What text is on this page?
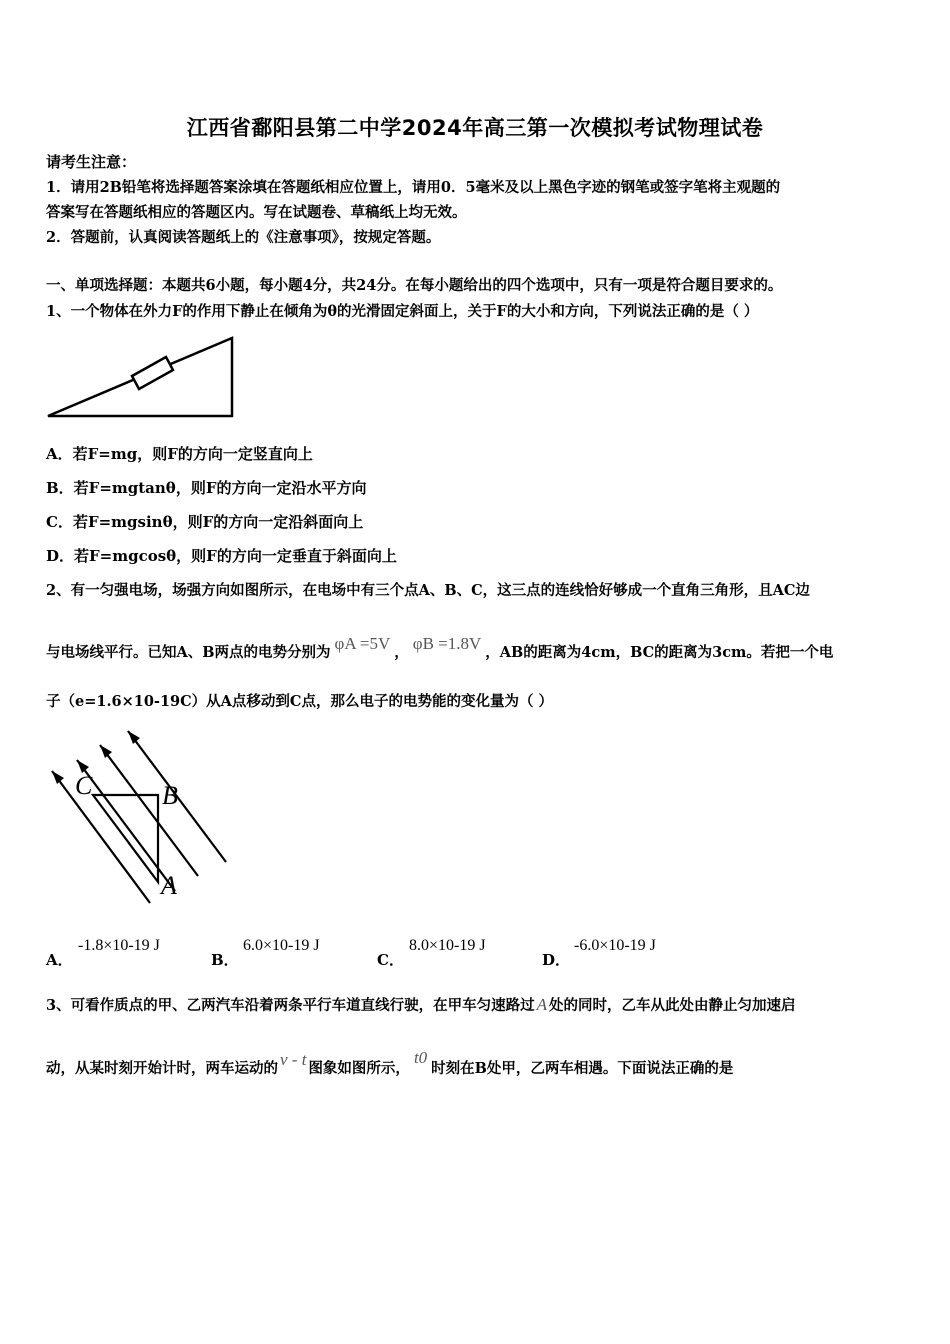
江西省鄱阳县第二中学2024年高三第一次模拟考试物理试卷
请考生注意：
1．请用2B铅笔将选择题答案涂填在答题纸相应位置上，请用0．5毫米及以上黑色字迹的钢笔或签字笔将主观题的
答案写在答题纸相应的答题区内。写在试题卷、草稿纸上均无效。
2．答题前，认真阅读答题纸上的《注意事项》，按规定答题。
一、单项选择题：本题共6小题，每小题4分，共24分。在每小题给出的四个选项中，只有一项是符合题目要求的。
1、一个物体在外力F的作用下静止在倾角为θ的光滑固定斜面上，关于F的大小和方向，下列说法正确的是（ ）
A．若F=mg，则F的方向一定竖直向上
B．若F=mgtanθ，则F的方向一定沿水平方向
C．若F=mgsinθ，则F的方向一定沿斜面向上
D．若F=mgcosθ，则F的方向一定垂直于斜面向上
2、有一匀强电场，场强方向如图所示，在电场中有三个点A、B、C，这三点的连线恰好够成一个直角三角形，且AC边
与电场线平行。已知A、B两点的电势分别为 φA =5V ， φB =1.8V ，AB的距离为4cm，BC的距离为3cm。若把一个电
子（e=1.6×10-19C）从A点移动到C点，那么电子的电势能的变化量为（ ）
C	B
A
A．
-1.8×10-19 J
B．
6.0×10-19 J
C．
8.0×10-19 J
D．
-6.0×10-19 J
3、可看作质点的甲、乙两汽车沿着两条平行车道直线行驶，在甲车匀速路过 A 处的同时，乙车从此处由静止匀加速启
动，从某时刻开始计时，两车运动的 v - t 图象如图所示，t0时刻在B处甲，乙两车相遇。下面说法正确的是
